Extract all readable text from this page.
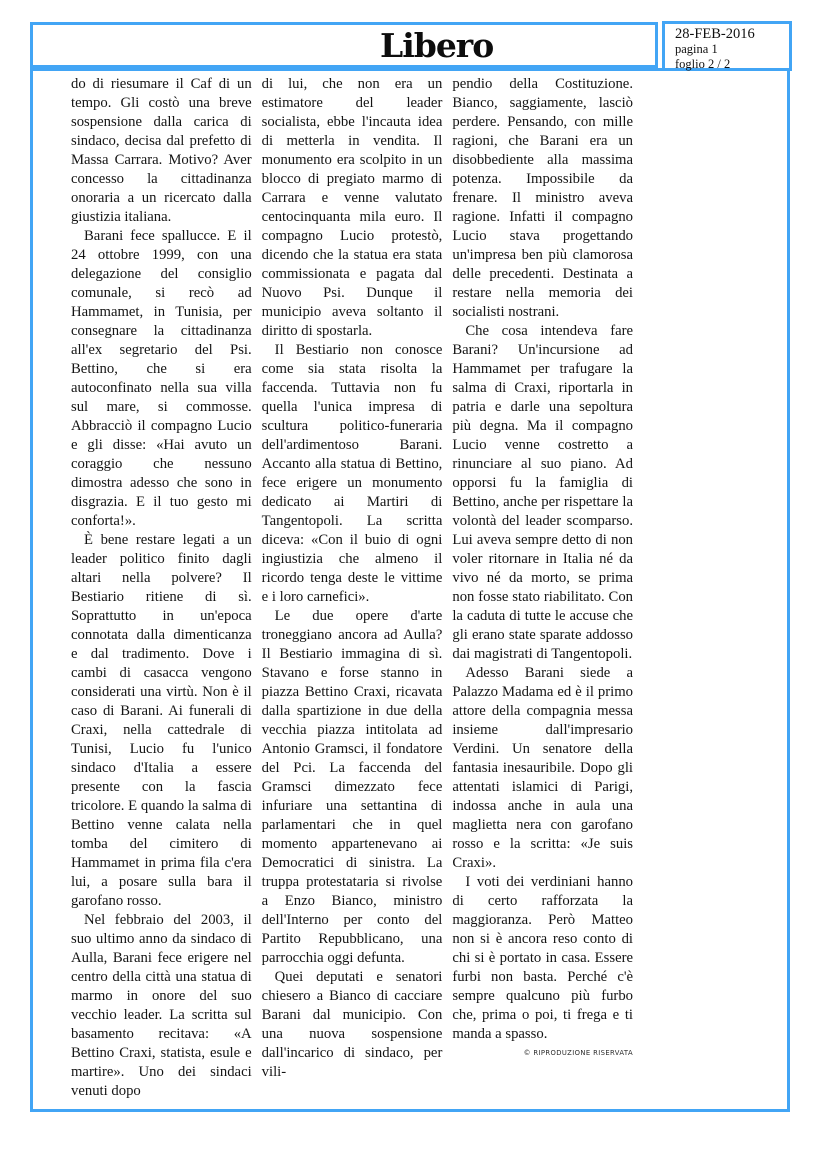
Libero	28-FEB-2016
pagina 1
foglio 2 / 2

do di riesumare il Caf di un tempo. Gli costò una breve sospensione dalla carica di sindaco, decisa dal prefetto di Massa Carrara. Motivo? Aver concesso la cittadinanza onoraria a un ricercato dalla giustizia italiana.

Barani fece spallucce. E il 24 ottobre 1999, con una delegazione del consiglio comunale, si recò ad Hammamet, in Tunisia, per consegnare la cittadinanza all'ex segretario del Psi. Bettino, che si era autoconfinato nella sua villa sul mare, si commosse. Abbracciò il compagno Lucio e gli disse: «Hai avuto un coraggio che nessuno dimostra adesso che sono in disgrazia. E il tuo gesto mi conforta!».

È bene restare legati a un leader politico finito dagli altari nella polvere? Il Bestiario ritiene di sì. Soprattutto in un'epoca connotata dalla dimenticanza e dal tradimento. Dove i cambi di casacca vengono considerati una virtù. Non è il caso di Barani. Ai funerali di Craxi, nella cattedrale di Tunisi, Lucio fu l'unico sindaco d'Italia a essere presente con la fascia tricolore. E quando la salma di Bettino venne calata nella tomba del cimitero di Hammamet in prima fila c'era lui, a posare sulla bara il garofano rosso.

Nel febbraio del 2003, il suo ultimo anno da sindaco di Aulla, Barani fece erigere nel centro della città una statua di marmo in onore del suo vecchio leader. La scritta sul basamento recitava: «A Bettino Craxi, statista, esule e martire». Uno dei sindaci venuti dopo

di lui, che non era un estimatore del leader socialista, ebbe l'incauta idea di metterla in vendita. Il monumento era scolpito in un blocco di pregiato marmo di Carrara e venne valutato centocinquanta mila euro. Il compagno Lucio protestò, dicendo che la statua era stata commissionata e pagata dal Nuovo Psi. Dunque il municipio aveva soltanto il diritto di spostarla.

Il Bestiario non conosce come sia stata risolta la faccenda. Tuttavia non fu quella l'unica impresa di scultura politico-funeraria dell'ardimentoso Barani. Accanto alla statua di Bettino, fece erigere un monumento dedicato ai Martiri di Tangentopoli. La scritta diceva: «Con il buio di ogni ingiustizia che almeno il ricordo tenga deste le vittime e i loro carnefici».

Le due opere d'arte troneggiano ancora ad Aulla? Il Bestiario immagina di sì. Stavano e forse stanno in piazza Bettino Craxi, ricavata dalla spartizione in due della vecchia piazza intitolata ad Antonio Gramsci, il fondatore del Pci. La faccenda del Gramsci dimezzato fece infuriare una settantina di parlamentari che in quel momento appartenevano ai Democratici di sinistra. La truppa protestataria si rivolse a Enzo Bianco, ministro dell'Interno per conto del Partito Repubblicano, una parrocchia oggi defunta.

Quei deputati e senatori chiesero a Bianco di cacciare Barani dal municipio. Con una nuova sospensione dall'incarico di sindaco, per vili-

pendio della Costituzione. Bianco, saggiamente, lasciò perdere. Pensando, con mille ragioni, che Barani era un disobbediente alla massima potenza. Impossibile da frenare. Il ministro aveva ragione. Infatti il compagno Lucio stava progettando un'impresa ben più clamorosa delle precedenti. Destinata a restare nella memoria dei socialisti nostrani.

Che cosa intendeva fare Barani? Un'incursione ad Hammamet per trafugare la salma di Craxi, riportarla in patria e darle una sepoltura più degna. Ma il compagno Lucio venne costretto a rinunciare al suo piano. Ad opporsi fu la famiglia di Bettino, anche per rispettare la volontà del leader scomparso. Lui aveva sempre detto di non voler ritornare in Italia né da vivo né da morto, se prima non fosse stato riabilitato. Con la caduta di tutte le accuse che gli erano state sparate addosso dai magistrati di Tangentopoli.

Adesso Barani siede a Palazzo Madama ed è il primo attore della compagnia messa insieme dall'impresario Verdini. Un senatore della fantasia inesauribile. Dopo gli attentati islamici di Parigi, indossa anche in aula una maglietta nera con garofano rosso e la scritta: «Je suis Craxi».

I voti dei verdiniani hanno di certo rafforzata la maggioranza. Però Matteo non si è ancora reso conto di chi si è portato in casa. Essere furbi non basta. Perché c'è sempre qualcuno più furbo che, prima o poi, ti frega e ti manda a spasso.

© RIPRODUZIONE RISERVATA
